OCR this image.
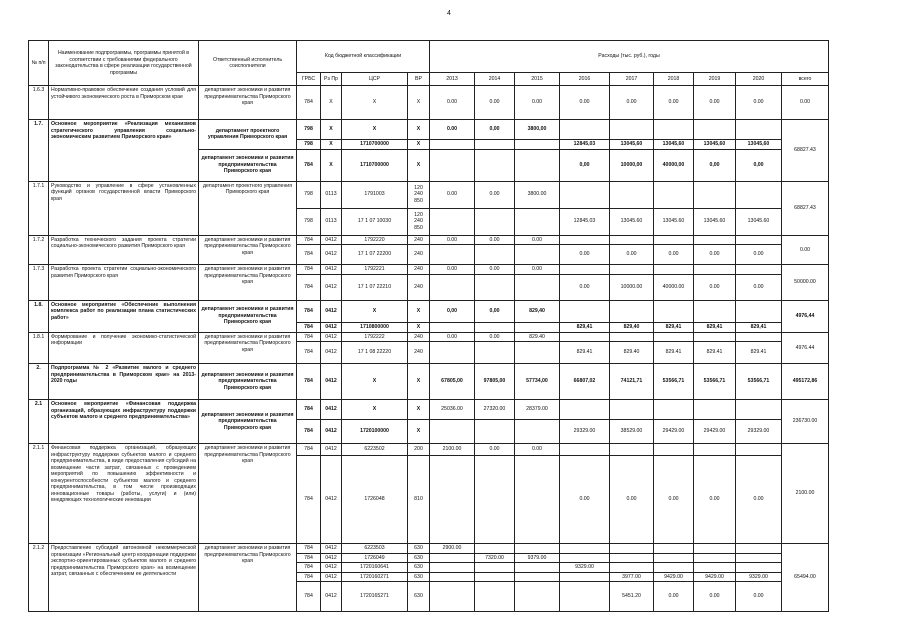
4
№ п/п	Наименование подпрограммы, программы принятой в соответствии с требованиями федерального законодательства в сфере реализации государственной программы	Ответственный исполнитель соисполнители	Код бюджетной классификации				Расходы (тыс. руб.), годы								
			ГРБС	Рз Пр	ЦСР	ВР	2013	2014	2015	2016	2017	2018	2019	2020	всего
1.6.3	Нормативно-правовое обеспечение создания условий для устойчивого экономического роста в Приморском крае	департамент экономики и развития предпринимательства Приморского края	784	Х	Х	Х	0.00	0.00	0.00	0.00	0.00	0.00	0.00	0.00	0.00
1.7.	Основное мероприятие «Реализация механизмов стратегического управления социально-экономическим развитием Приморского края»	департамент проектного управления Приморского края	798	Х	Х	Х	0.00	0,00	3800,00						68827.43
			798	Х	1710700000	Х				12845,03	13045,60	13045,60	13045,60	13045,60	
		департамент экономики и развития предпринимательства Приморского края	784	Х	1710700000	Х				0,00	10000,00	40000,00	0,00	0,00	
1.7.1	Руководство и управление в сфере установленных функций органов государственной власти Приморского края	департамент проектного управления Приморского края	798	0113	1791003	120 240 850	0.00	0.00	3800.00						68827.43
			798	0113	17 1 07 10030	120 240 850				12845.03	13045.60	13045.60	13045.60	13045.60	
1.7.2	Разработка технического задания проекта стратегии социально-экономического развития Приморского края	департамент экономики и развития предпринимательства Приморского края	784	0412	1792220	240	0.00	0.00	0.00						0.00
			784	0412	17 1 07 22200	240				0.00	0.00	0.00	0.00	0.00	
1.7.3	Разработка проекта стратегии социально-экономического развития Приморского края	департамент экономики и развития предпринимательства Приморского края	784	0412	1792221	240	0.00	0.00	0.00						50000.00
			784	0412	17 1 07 22210	240				0.00	10000.00	40000.00	0.00	0.00	
1.8.	Основное мероприятие «Обеспечение выполнения комплекса работ по реализации плана статистических работ»	департамент экономики и развития предпринимательства Приморского края	784	0412	Х	Х	0,00	0,00	829,40						4976,44
			784	0412	1710800000	Х				829,41	829,40	829,41	829,41	829,41	
1.8.1	Формирование и получение экономико-статистической информации	департамент экономики и развития предпринимательства Приморского края	784	0412	1792222	240	0.00	0.00	829.40						4976.44
			784	0412	17 1 08 22220	240				829.41	829.40	829.41	829.41	829.41	
2.	Подпрограмма № 2 «Развитие малого и среднего предпринимательства в Приморском крае» на 2013-2020 годы	департамент экономики и развития предпринимательства Приморского края	784	0412	Х	Х	67805,00	97805,00	57734,00	66807,02	74121,71	53566,71	53566,71	53566,71	495172,86
2.1	Основное мероприятие «Финансовая поддержка организаций, образующих инфраструктуру поддержки субъектов малого и среднего предпринимательства»	департамент экономики и развития предпринимательства Приморского края	784	0412	Х	Х	25036.00	27320.00	28379.00						236730.00
			784	0412	1720100000	Х				29329.00	38529.00	29429.00	29429.00	29329.00	
2.1.1	Финансовая поддержка организаций, образующих инфраструктуру поддержки субъектов малого и среднего предпринимательства, в виде предоставления субсидий на возмещение части затрат, связанных с проведением мероприятий по повышению эффективности и конкурентоспособности субъектов малого и среднего предпринимательства, в том числе производящих инновационные товары (работы, услуги) и (или) внедряющих технологические инновации	департамент экономики и развития предпринимательства Приморского края	784	0412	6223502	200	2100.00	0.00	0.00						2100.00
			784	0412	1726048	810				0.00	0.00	0.00	0.00	0.00	
2.1.2	Предоставление субсидий автономной некоммерческой организации «Региональный центр координации поддержки экспортно-ориентированных субъектов малого и среднего предпринимательства Приморского края» на возмещение затрат, связанных с обеспечением ее деятельности	департамент экономики и развития предпринимательства Приморского края	784	0412	6223503	630	2900.00								65494.00
			784	0412	1726049	630		7320.00	9379.00						
			784	0412	1720160641	630				9329.00					
			784	0412	1720160271	630					3977.00	9429.00	9429.00	9329.00	
			784	0412	1720165271	630					5451.20	0.00	0.00	0.00	
